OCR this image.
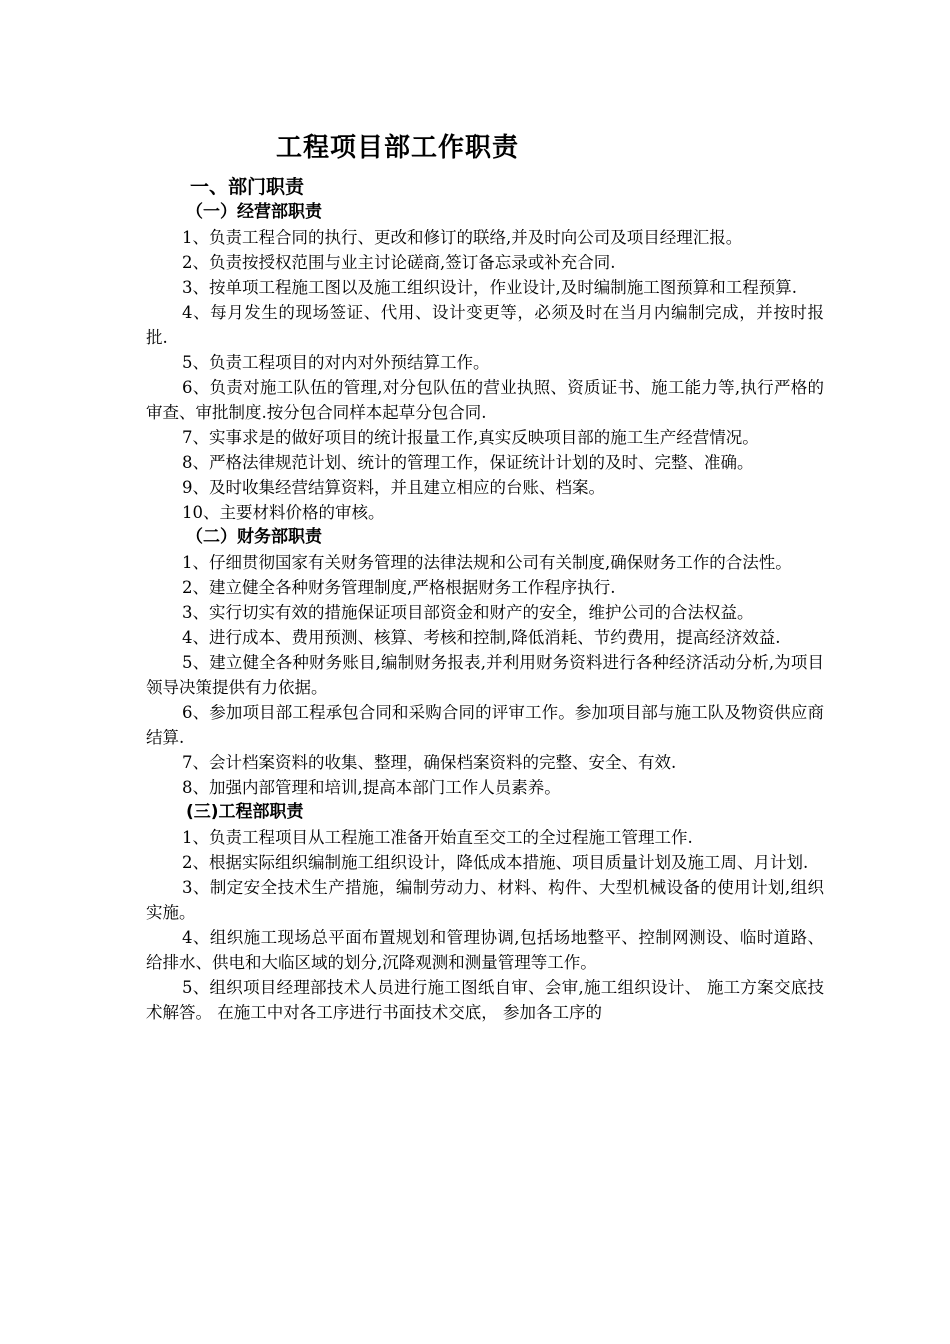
工程项目部工作职责
一、部门职责
（一）经营部职责

1、负责工程合同的执行、更改和修订的联络,并及时向公司及项目经理汇报。

2、负责按授权范围与业主讨论磋商,签订备忘录或补充合同.

3、按单项工程施工图以及施工组织设计，作业设计,及时编制施工图预算和工程预算.

4、每月发生的现场签证、代用、设计变更等，必须及时在当月内编制完成，并按时报批.

5、负责工程项目的对内对外预结算工作。

6、负责对施工队伍的管理,对分包队伍的营业执照、资质证书、施工能力等,执行严格的审查、审批制度.按分包合同样本起草分包合同.

7、实事求是的做好项目的统计报量工作,真实反映项目部的施工生产经营情况。

8、严格法律规范计划、统计的管理工作，保证统计计划的及时、完整、准确。

9、及时收集经营结算资料，并且建立相应的台账、档案。

10、主要材料价格的审核。

（二）财务部职责

1、仔细贯彻国家有关财务管理的法律法规和公司有关制度,确保财务工作的合法性。

2、建立健全各种财务管理制度,严格根据财务工作程序执行.

3、实行切实有效的措施保证项目部资金和财产的安全，维护公司的合法权益。

4、进行成本、费用预测、核算、考核和控制,降低消耗、节约费用，提高经济效益.

5、建立健全各种财务账目,编制财务报表,并利用财务资料进行各种经济活动分析,为项目领导决策提供有力依据。

6、参加项目部工程承包合同和采购合同的评审工作。参加项目部与施工队及物资供应商结算.

7、会计档案资料的收集、整理，确保档案资料的完整、安全、有效.

8、加强内部管理和培训,提高本部门工作人员素养。

(三)工程部职责

1、负责工程项目从工程施工准备开始直至交工的全过程施工管理工作.

2、根据实际组织编制施工组织设计，降低成本措施、项目质量计划及施工周、月计划.

3、制定安全技术生产措施，编制劳动力、材料、构件、大型机械设备的使用计划,组织实施。

4、组织施工现场总平面布置规划和管理协调,包括场地整平、控制网测设、临时道路、给排水、供电和大临区域的划分,沉降观测和测量管理等工作。

5、组织项目经理部技术人员进行施工图纸自审、会审,施工组织设计、 施工方案交底技术解答。 在施工中对各工序进行书面技术交底， 参加各工序的
